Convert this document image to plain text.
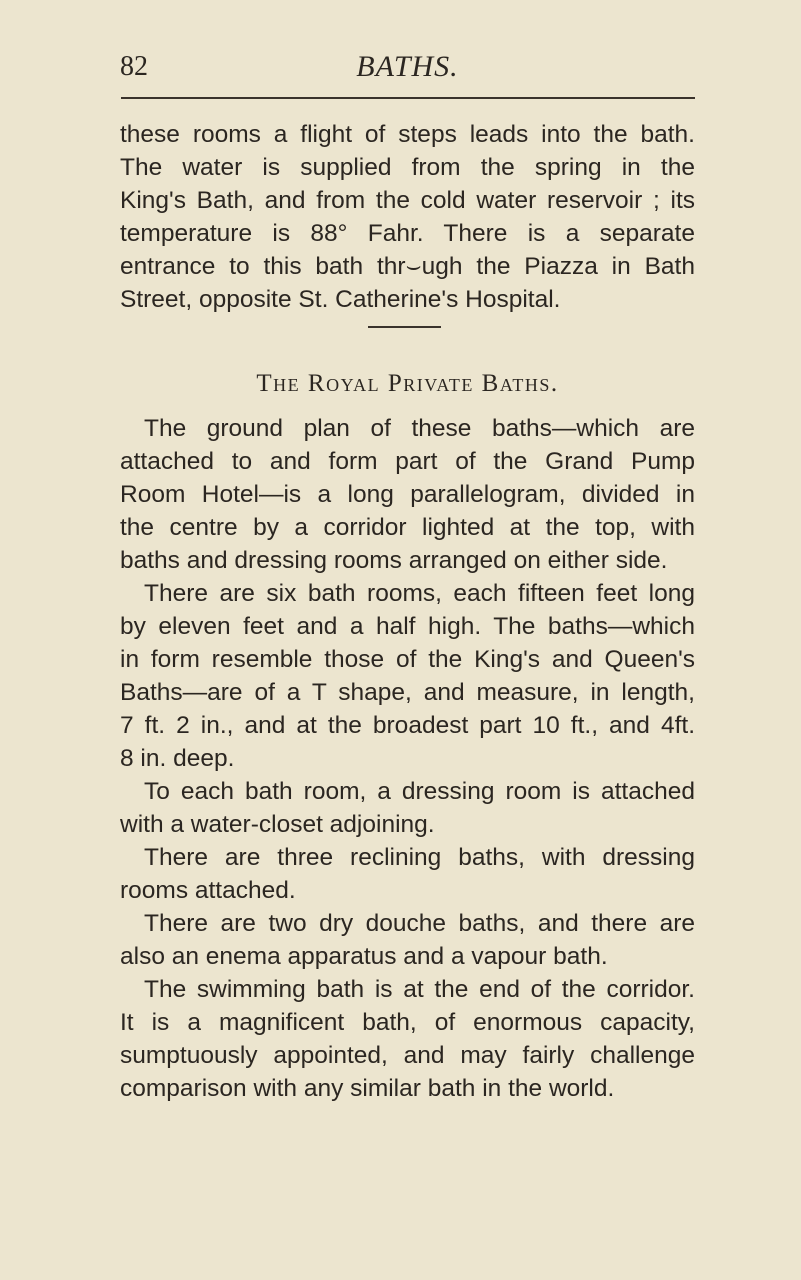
82	BATHS.
these rooms a flight of steps leads into the bath.
The water is supplied from the spring in the
King's Bath, and from the cold water reservoir ; its
temperature is 88° Fahr. There is a separate
entrance to this bath thr⌣ugh the Piazza in Bath
Street, opposite St. Catherine's Hospital.
The Royal Private Baths.
The ground plan of these baths—which are
attached to and form part of the Grand Pump
Room Hotel—is a long parallelogram, divided in
the centre by a corridor lighted at the top, with
baths and dressing rooms arranged on either side.
There are six bath rooms, each fifteen feet long
by eleven feet and a half high. The baths—which
in form resemble those of the King's and Queen's
Baths—are of a T shape, and measure, in length,
7 ft. 2 in., and at the broadest part 10 ft., and 4ft.
8 in. deep.
To each bath room, a dressing room is attached
with a water-closet adjoining.
There are three reclining baths, with dressing
rooms attached.
There are two dry douche baths, and there are
also an enema apparatus and a vapour bath.
The swimming bath is at the end of the corridor.
It is a magnificent bath, of enormous capacity,
sumptuously appointed, and may fairly challenge
comparison with any similar bath in the world.
